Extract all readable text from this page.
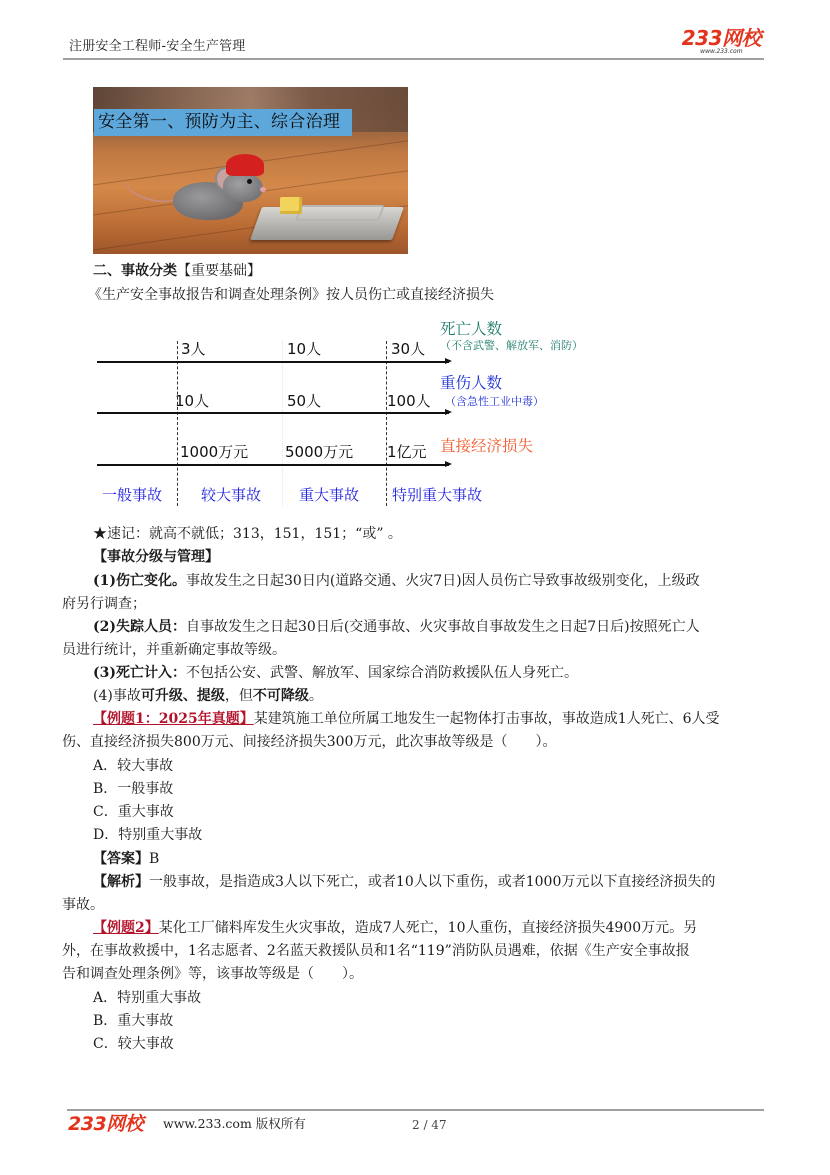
注册安全工程师-安全生产管理	233网校
www.233.com
安全第一、预防为主、综合治理
二、事故分类【重要基础】
《生产安全事故报告和调查处理条例》按人员伤亡或直接经济损失
3人	10人	30人
死亡人数
（不含武警、解放军、消防）
10人	50人	100人
重伤人数
（含急性工业中毒）
1000万元 5000万元 1亿元 直接经济损失
一般事故	较大事故	重大事故 特别重大事故
★速记：就高不就低；313，151，151；“或” 。
【事故分级与管理】
(1)伤亡变化。事故发生之日起30日内(道路交通、火灾7日)因人员伤亡导致事故级别变化，上级政
府另行调查；
(2)失踪人员：自事故发生之日起30日后(交通事故、火灾事故自事故发生之日起7日后)按照死亡人
员进行统计，并重新确定事故等级。
(3)死亡计入：不包括公安、武警、解放军、国家综合消防救援队伍人身死亡。
(4)事故可升级、提级，但不可降级。
【例题1：2025年真题】某建筑施工单位所属工地发生一起物体打击事故，事故造成1人死亡、6人受
伤、直接经济损失800万元、间接经济损失300万元，此次事故等级是（　　）。
A．较大事故
B．一般事故
C．重大事故
D．特别重大事故
【答案】B
【解析】一般事故，是指造成3人以下死亡，或者10人以下重伤，或者1000万元以下直接经济损失的
事故。
【例题2】某化工厂储料库发生火灾事故，造成7人死亡，10人重伤，直接经济损失4900万元。另
外，在事故救援中，1名志愿者、2名蓝天救援队员和1名“119”消防队员遇难，依据《生产安全事故报
告和调查处理条例》等，该事故等级是（　　）。
A．特别重大事故
B．重大事故
C．较大事故
233网校 www.233.com 版权所有	2 / 47
